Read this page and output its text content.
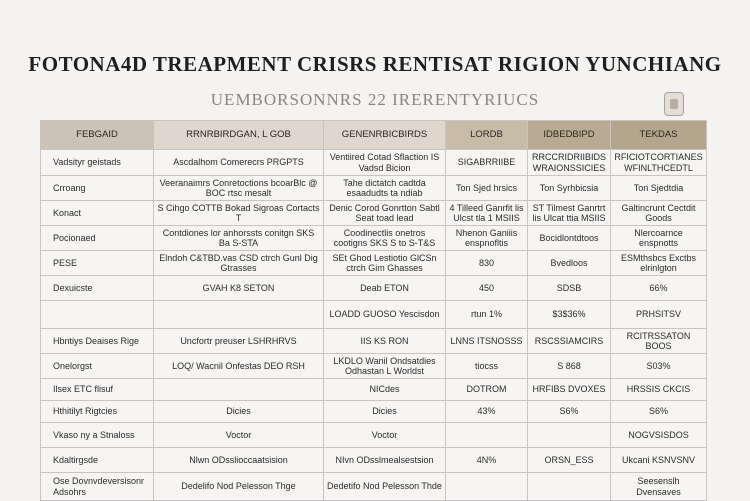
FOTONA4D TREAPMENT CRISRS RENTISAT RIGION YUNCHIANG
UEMBORSONNRS 22 IRERENTYRIUCS
FEBGAID	RRNRBIRDGAN, L GOB	GENENRBICBIRDS	LORDB	IDBEDBIPD	TEKDAS
Vadsityr geistads	Ascdalhom Comerecrs PRGPTS	Ventiired Cotad Sflaction IS Vadsd Bicion	SIGABRRIIBE	RRCCRIDRIIBIDS WRAIONSSICIES	RFICIOTCORTIANES WFINLTHCEDTL
Crroang	Veeranaimrs Conretoctions bcoarBlc @ BOC rtsc mesalt	Tahe dictatch cadtda esaadudts ta ndiab	Ton Sjed hrsics	Ton Syrhbicsia	Ton Sjedtdia
Konact	S Cihgo COTTB Bokad Sigroas Cortacts T	Denic Corod Gonrtton Sabtl Seat toad lead	4 Tilleed Ganrfit lis Ulcst tla 1 MSIIS	ST Tilmest Ganrtrt lis Ulcat ttia MSIIS	Galtincrunt Cectdit Goods
Pocionaed	Contdiones lor anhorssts conitgn SKS Ba S-STA	Coodinectlis onetros cootigns SKS S to S-T&S	Nhenon Ganiiis enspnofltis	Bocidlontdtoos	Nlercoarnce enspnotts
PESE	Elndoh C&TBD.vas CSD ctrch Gunl Dig Gtrasses	SEt Ghod Lestiotio GlCSn ctrch Gim Ghasses	830	Bvedloos	ESMthsbcs Exctbs elrinlgton
Dexuicste	GVAH K8 SETON	Deab ETON	450	SDSB	66%
		LOADD GUOSO Yescisdon	rtun 1%	$3$36%	PRHSITSV
Hbntiys Deaises Rige	Uncfortr preuser LSHRHRVS	IIS KS RON	LNNS ITSNOSSS	RSCSSIAMCIRS	RCITRSSATON BOOS
Onelorgst	LOQ/ Wacnil Onfestas DEO RSH	LKDLO Wanil Ondsatdies Odhastan L Worldst	tiocss	S 868	S03%
Ilsex ETC flisuf		NICdes	DOTROM	HRFIBS DVOXES	HRSSIS CKCIS
Hthitilyt Rigtcies	Dicies	Dicies	43%	S6%	S6%
Vkaso ny a Stnaloss	Voctor	Voctor			NOGVSISDOS
Kdaltirgsde	Nlwn ODsslioccaatsision	NIvn ODsslmealsestsion	4N%	ORSN_ESS	Ukcani KSNVSNV
Ose Dovnvdeversisonr Adsohrs	Dedelifo Nod Pelesson Thge	Dedetifo Nod Pelesson Thde			Seesenslh Dvensaves
